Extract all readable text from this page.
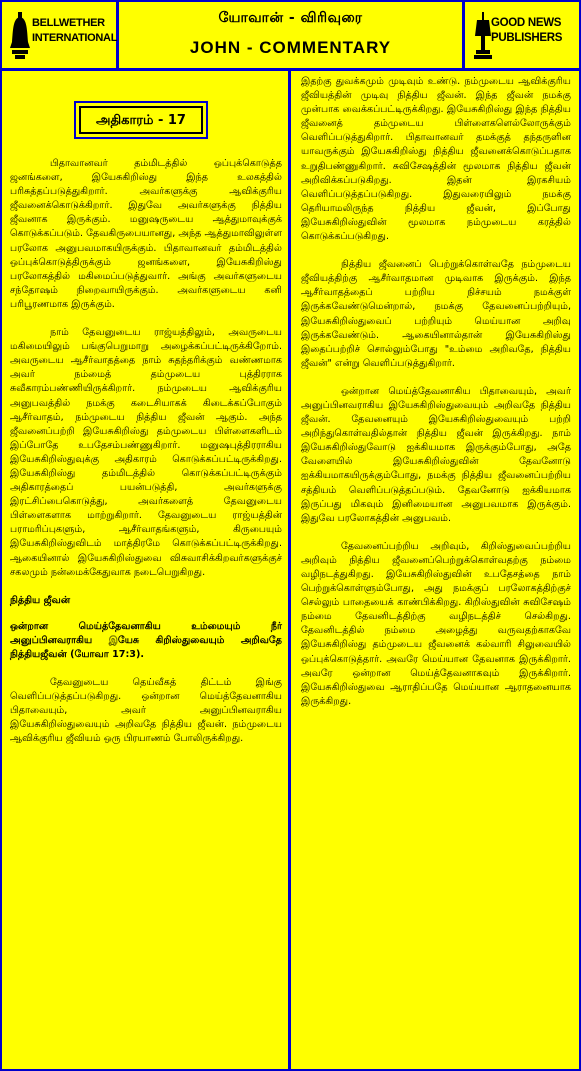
BELLWETHER
INTERNATIONAL
யோவான் - விரிவுரை
JOHN - COMMENTARY
GOOD NEWS
PUBLISHERS
அதிகாரம் - 17

பிதாவானவர் தம்மிடத்தில் ஒப்புக்கொடுத்த ஜனங்களை, இயேசுகிறிஸ்து இந்த உலகத்தில் பரிசுத்தப்படுத்துகிறார். அவர்களுக்கு ஆவிக்குரிய ஜீவனைக்கொடுக்கிறார். இதுவே அவர்களுக்கு நித்திய ஜீவனாக இருக்கும். மனுஷருடைய ஆத்துமாவுக்குக் கொடுக்கப்படும். தேவகிருபையானது, அந்த ஆத்துமாவிலுள்ள பரலோக அனுபவமாகயிருக்கும். பிதாவானவர் தம்மிடத்தில் ஒப்புக்கொடுத்திருக்கும் ஜனங்களை, இயேசுகிறிஸ்து பரலோகத்தில் மகிமைப்படுத்துவார். அங்கு அவர்களுடைய சந்தோஷம் நிறைவாயிருக்கும். அவர்களுடைய கனி பரிபூரணமாக இருக்கும்.

நாம் தேவனுடைய ராஜ்யத்திலும், அவருடைய மகிமையிலும் பங்குபெறுமாறு அழைக்கப்பட்டிருக்கிறோம். அவருடைய ஆசீர்வாதத்தை நாம் சுதந்தரிக்கும் வண்ணமாக அவர் நம்மைத் தம்முடைய புத்திரராக சுவீகாரம்பண்ணியிருக்கிறார். நம்முடைய ஆவிக்குரிய அனுபவத்தில் நமக்கு கடைசியாகக் கிடைக்கப்போகும் ஆசீர்வாதம், நம்முடைய நித்திய ஜீவன் ஆகும். அந்த ஜீவனைப்பற்றி இயேசுகிறிஸ்து தம்முடைய பிள்ளைகளிடம் இப்போதே உபதேசம்பண்ணுகிறார். மனுஷபுத்திரராகிய இயேசுகிறிஸ்துவுக்கு அதிகாரம் கொடுக்கப்பட்டிருக்கிறது. இயேசுகிறிஸ்து தம்மிடத்தில் கொடுக்கப்பட்டிருக்கும் அதிகாரத்தைப் பயன்படுத்தி, அவர்களுக்கு இரட்சிப்பைகொடுத்து, அவர்களைத் தேவனுடைய பிள்ளைகளாக மாற்றுகிறார். தேவனுடைய ராஜ்யத்தின் பராமரிப்புகளும், ஆசீர்வாதங்களும், கிருபையும் இயேசுகிறிஸ்துவிடம் மாத்திரமே கொடுக்கப்பட்டிருக்கிறது. ஆகையினால் இயேசுகிறிஸ்துவை விசுவாசிக்கிறவர்களுக்குச் சகலமும் நன்மைக்கேதுவாக நடைபெறுகிறது.

நித்திய ஜீவன்

ஒன்றான மெய்த்தேவனாகிய உம்மையும் நீர் அனுப்பினவராகிய இயேசு கிறிஸ்துவையும் அறிவதே நித்தியஜீவன் (யோவா 17:3).

தேவனுடைய தெய்வீகத் திட்டம் இங்கு வெளிப்படுத்தப்படுகிறது. ஒன்றான மெய்த்தேவனாகிய பிதாவையும், அவர் அனுப்பினவராகிய இயேசுகிறிஸ்துவையும் அறிவதே நித்திய ஜீவன். நம்முடைய ஆவிக்குரிய ஜீவியம் ஒரு பிரயாணம் போலிருக்கிறது.

இதற்கு துவக்கமும் முடிவும் உண்டு. நம்முடைய ஆவிக்குரிய ஜீவியத்தின் முடிவு நித்திய ஜீவன். இந்த ஜீவன் நமக்கு முன்பாக வைக்கப்பட்டிருக்கிறது. இயேசுகிறிஸ்து இந்த நித்திய ஜீவனைத் தம்முடைய பிள்ளைகளெல்லோருக்கும் வெளிப்படுத்துகிறார். பிதாவானவர் தமக்குத் தந்தருளின யாவருக்கும் இயேசுகிறிஸ்து நித்திய ஜீவனைக்கொடுப்பதாக உறுதிபண்ணுகிறார். சுவிசேஷத்தின் மூலமாக நித்திய ஜீவன் அறிவிக்கப்படுகிறது. இதன் இரகசியம் வெளிப்படுத்தப்படுகிறது. இதுவரையிலும் நமக்கு தெரியாமலிருந்த நித்திய ஜீவன், இப்போது இயேசுகிறிஸ்துவின் மூலமாக நம்முடைய கரத்தில் கொடுக்கப்படுகிறது.

நித்திய ஜீவனைப் பெற்றுக்கொள்வதே நம்முடைய ஜீவியத்திற்கு ஆசீர்வாதமான முடிவாக இருக்கும். இந்த ஆசீர்வாதத்தைப் பற்றிய நிச்சயம் நமக்குள் இருக்கவேண்டுமென்றால், நமக்கு தேவனைப்பற்றியும், இயேசுகிறிஸ்துவைப் பற்றியும் மெய்யான அறிவு இருக்கவேண்டும். ஆகையினால்தான் இயேசுகிறிஸ்து இதைப்பற்றிச் சொல்லும்போது "உம்மை அறிவதே, நித்திய ஜீவன்" என்று வெளிப்படுத்துகிறார்.

ஒன்றான மெய்த்தேவனாகிய பிதாவையும், அவர் அனுப்பினவராகிய இயேசுகிறிஸ்துவையும் அறிவதே நித்திய ஜீவன். தேவனையும் இயேசுகிறிஸ்துவையும் பற்றி அறிந்துகொள்வதில்தான் நித்திய ஜீவன் இருக்கிறது. நாம் இயேசுகிறிஸ்துவோடு ஐக்கியமாக இருக்கும்போது, அதே வேளையில் இயேசுகிறிஸ்துவின் தேவனோடு ஐக்கியமாகயிருக்கும்போது, நமக்கு நித்திய ஜீவனைப்பற்றிய சத்தியம் வெளிப்படுத்தப்படும். தேவனோடு ஐக்கியமாக இருப்பது மிகவும் இனிமையான அனுபவமாக இருக்கும். இதுவே பரலோகத்தின் அனுபவம்.

தேவனைப்பற்றிய அறிவும், கிறிஸ்துவைப்பற்றிய அறிவும் நித்திய ஜீவனைப்பெற்றுக்கொள்வதற்கு நம்மை வழிநடத்துகிறது. இயேசுகிறிஸ்துவின் உபதேசத்தை நாம் பெற்றுக்கொள்ளும்போது, அது நமக்குப் பரலோகத்திற்குச் செல்லும் பாதையைக் காண்பிக்கிறது. கிறிஸ்துவின் சுவிசேஷம் நம்மை தேவனிடத்திற்கு வழிநடத்திச் செல்கிறது. தேவனிடத்தில் நம்மை அழைத்து வருவதற்காகவே இயேசுகிறிஸ்து தம்முடைய ஜீவனைக் கல்வாரி சிலுவையில் ஒப்புக்கொடுத்தார். அவரே மெய்யான தேவனாக இருக்கிறார். அவரே ஒன்றான மெய்த்தேவனாகவும் இருக்கிறார். இயேசுகிறிஸ்துவை ஆராதிப்பதே மெய்யான ஆராதனையாக இருக்கிறது.
